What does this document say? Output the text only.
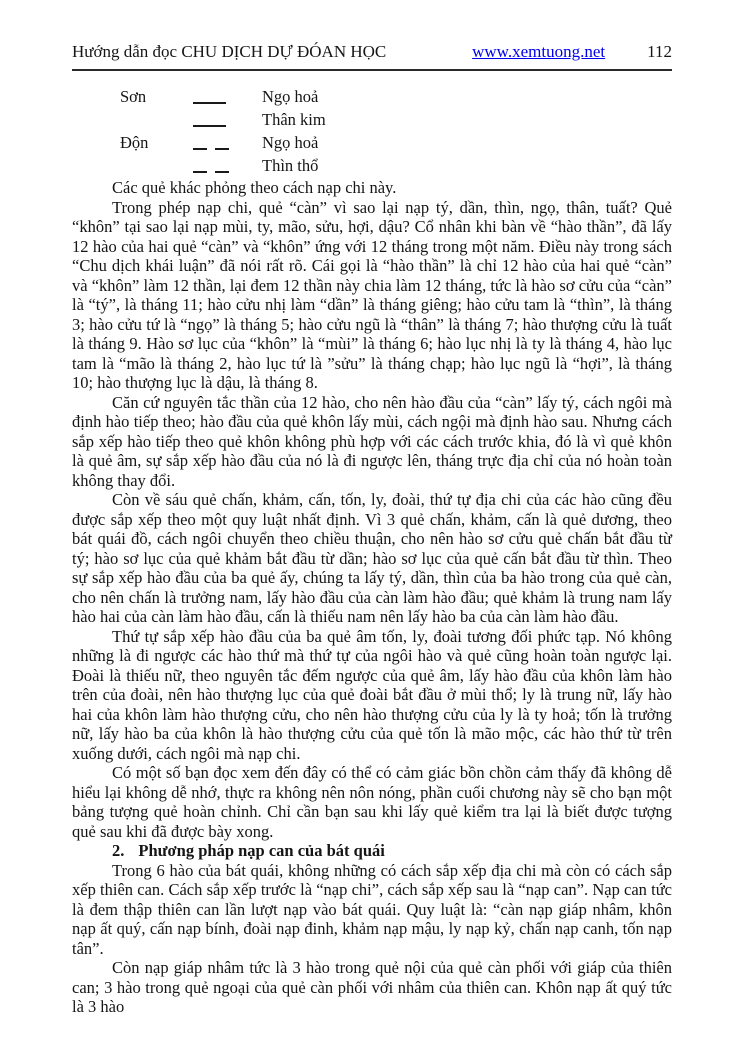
Hướng dẫn đọc CHU DỊCH DỰ ĐÓAN HỌC	www.xemtuong.net 112
Sơn	Ngọ hoả
Thân kim
Độn	Ngọ hoả
Thìn thổ

Các quẻ khác phỏng theo cách nạp chi này.

Trong phép nạp chi, quẻ “càn” vì sao lại nạp tý, dần, thìn, ngọ, thân, tuất? Quẻ “khôn” tại sao lại nạp mùi, ty, mão, sửu, hợi, dậu? Cổ nhân khi bàn về “hào thần”, đã lấy 12 hào của hai quẻ “càn” và “khôn” ứng với 12 tháng trong một năm. Điều này trong sách “Chu dịch khái luận” đã nói rất rõ. Cái gọi là “hào thần” là chỉ 12 hào của hai quẻ “càn” và “khôn” làm 12 thần, lại đem 12 thần này chia làm 12 tháng, tức là hào sơ cửu của “càn” là “tý”, là tháng 11; hào cửu nhị làm “dần” là tháng giêng; hào cửu tam là “thìn”, là tháng 3; hào cửu tứ là “ngọ” là tháng 5; hào cửu ngũ là “thân” là tháng 7; hào thượng cửu là tuất là tháng 9. Hào sơ lục của “khôn” là “mùi” là tháng 6; hào lục nhị là ty là tháng 4, hào lục tam là “mão là tháng 2, hào lục tứ là ”sửu” là tháng chạp; hào lục ngũ là “hợi”, là tháng 10; hào thượng lục là dậu, là tháng 8.

Căn cứ nguyên tắc thần của 12 hào, cho nên hào đầu của “càn” lấy tý, cách ngôi mà định hào tiếp theo; hào đầu của quẻ khôn lấy mùi, cách ngội mà định hào sau. Nhưng cách sắp xếp hào tiếp theo quẻ khôn không phù hợp với các cách trước khia, đó là vì quẻ khôn là quẻ âm, sự sắp xếp hào đầu của nó là đi ngược lên, tháng trực địa chỉ của nó hoàn toàn không thay đổi.

Còn về sáu quẻ chấn, khảm, cấn, tốn, ly, đoài, thứ tự địa chi của các hào cũng đều được sắp xếp theo một quy luật nhất định. Vì 3 quẻ chấn, khảm, cấn là quẻ dương, theo bát quái đồ, cách ngôi chuyển theo chiều thuận, cho nên hào sơ cửu quẻ chấn bắt đầu từ tý; hào sơ lục của quẻ khảm bắt đầu từ dần; hào sơ lục của quẻ cấn bắt đầu từ thìn. Theo sự sắp xếp hào đầu của ba quẻ ấy, chúng ta lấy tý, dần, thìn của ba hào trong của quẻ càn, cho nên chấn là trưởng nam, lấy hào đầu của càn làm hào đầu; quẻ khảm là trung nam lấy hào hai của càn làm hào đầu, cấn là thiếu nam nên lấy hào ba của càn làm hào đầu.

Thứ tự sắp xếp hào đầu của ba quẻ âm tốn, ly, đoài tương đối phức tạp. Nó không những là đi ngược các hào thứ mà thứ tự của ngôi hào và quẻ cũng hoàn toàn ngược lại. Đoài là thiếu nữ, theo nguyên tắc đếm ngược của quẻ âm, lấy hào đầu của khôn làm hào trên của đoài, nên hào thượng lục của quẻ đoài bắt đầu ở mùi thổ; ly là trung nữ, lấy hào hai của khôn làm hào thượng cửu, cho nên hào thượng cửu của ly là ty hoả; tốn là trưởng nữ, lấy hào ba của khôn là hào thượng cửu của quẻ tốn là mão mộc, các hào thứ từ trên xuống dưới, cách ngôi mà nạp chi.

Có một số bạn đọc xem đến đây có thể có cảm giác bồn chồn cảm thấy đã không dễ hiểu lại không dễ nhớ, thực ra không nên nôn nóng, phần cuối chương này sẽ cho bạn một bảng tượng quẻ hoàn chỉnh. Chỉ cần bạn sau khi lấy quẻ kiểm tra lại là biết được tượng quẻ sau khi đã được bày xong.

2. Phương pháp nạp can của bát quái

Trong 6 hào của bát quái, không những có cách sắp xếp địa chi mà còn có cách sắp xếp thiên can. Cách sắp xếp trước là “nạp chi”, cách sắp xếp sau là “nạp can”. Nạp can tức là đem thập thiên can lần lượt nạp vào bát quái. Quy luật là: “càn nạp giáp nhâm, khôn nạp ất quý, cấn nạp bính, đoài nạp đinh, khảm nạp mậu, ly nạp kỷ, chấn nạp canh, tốn nạp tân”.

Còn nạp giáp nhâm tức là 3 hào trong quẻ nội của quẻ càn phối với giáp của thiên can; 3 hào trong quẻ ngoại của quẻ càn phối với nhâm của thiên can. Khôn nạp ất quý tức là 3 hào
